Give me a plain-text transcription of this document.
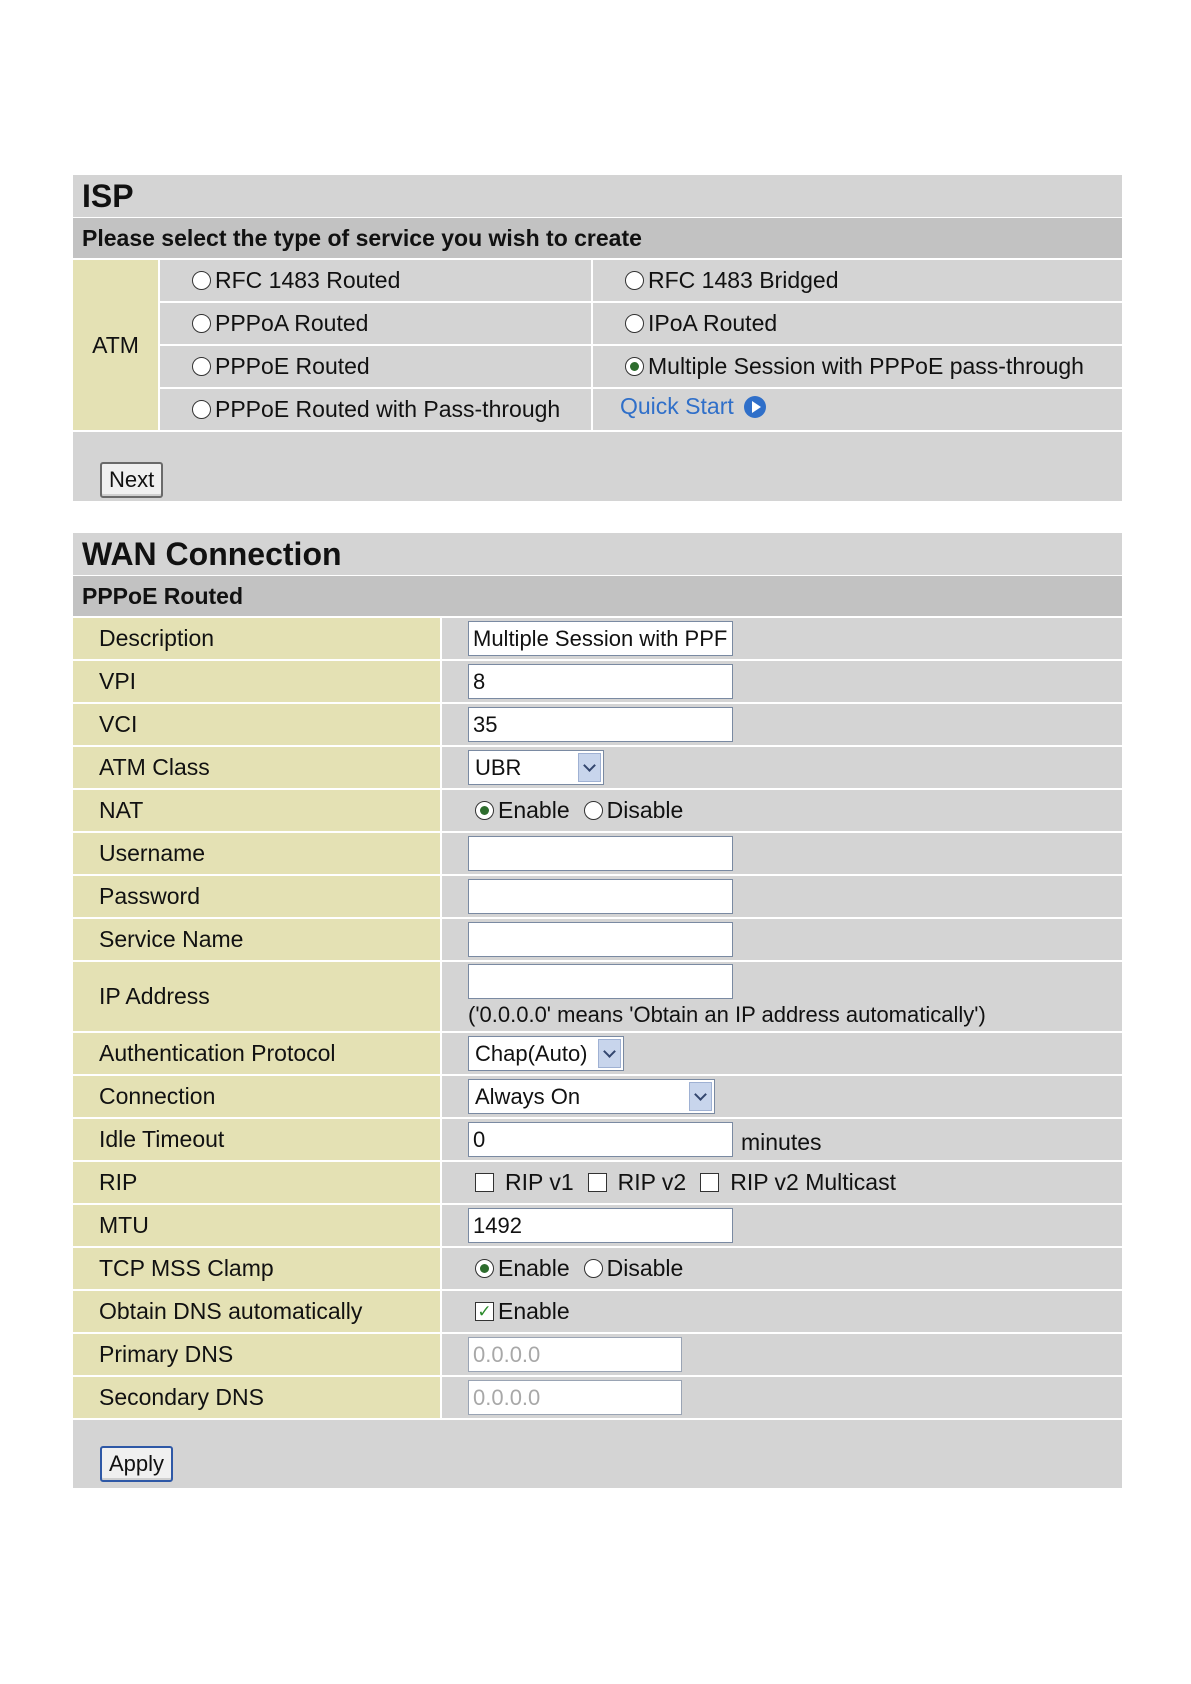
ISP
Please select the type of service you wish to create
ATM
RFC 1483 Routed	RFC 1483 Bridged
PPPoA Routed	IPoA Routed
PPPoE Routed	Multiple Session with PPPoE pass-through
PPPoE Routed with Pass-through	Quick Start
Next
WAN Connection
PPPoE Routed
Description
Multiple Session with PPF
VPI
8
VCI
35
ATM Class	UBR
NAT	Enable Disable
Username
Password
Service Name
IP Address
('0.0.0.0' means 'Obtain an IP address automatically')
Authentication Protocol	Chap(Auto)
Connection	Always On
Idle Timeout
0	minutes
RIP	RIP v1 RIP v2 RIP v2 Multicast
MTU
1492
TCP MSS Clamp	Enable Disable
Obtain DNS automatically
✓	Enable
Primary DNS
0.0.0.0
Secondary DNS
0.0.0.0
Apply
